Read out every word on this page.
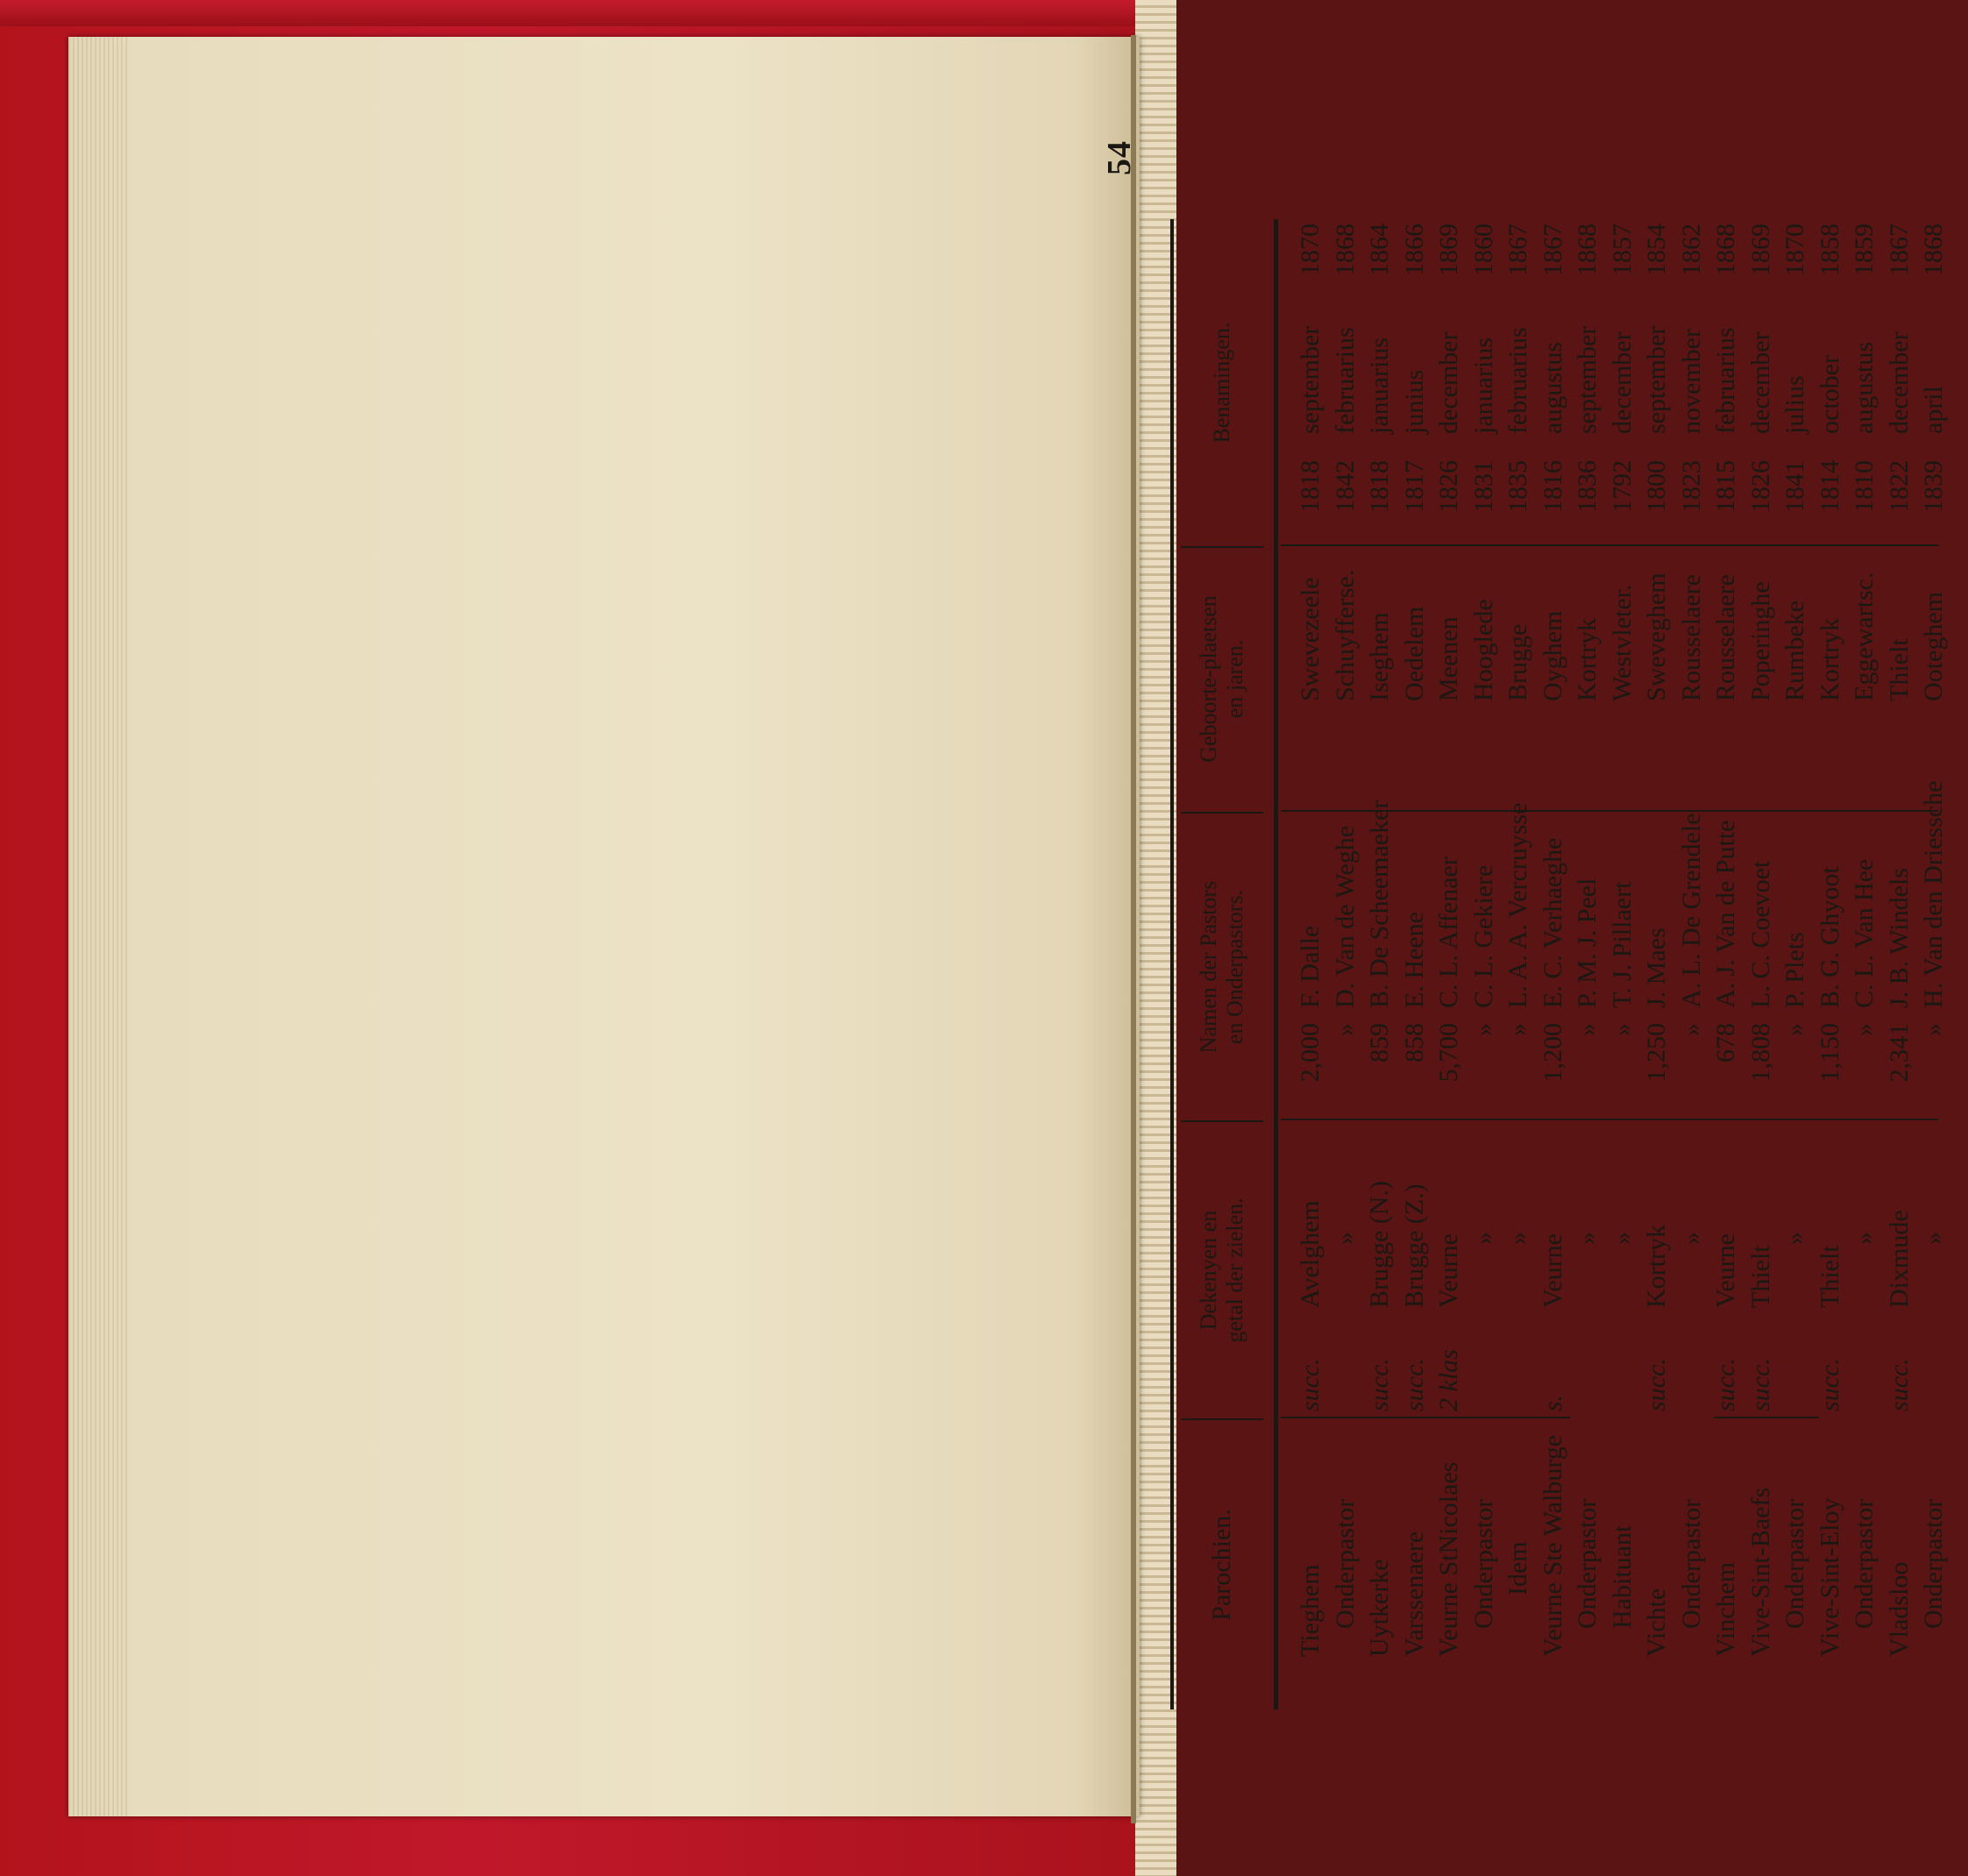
54
Parochien.
Dekenyen en getal der zielen.
Namen der Pastors en Onderpastors.
Geboorte-plaetsen en jaren.
Benamingen.
Tieghem
succ.
Avelghem
2,000
F. Dalle
Swevezeele
1818
september
1870
Onderpastor
»
»
D. Van de Weghe
Schuyfferse.
1842
februarius
1868
Uytkerke
succ.
Brugge (N.)
859
B. De Scheemaeker
Iseghem
1818
januarius
1864
Varssenaere
succ.
Brugge (Z.)
858
E. Heene
Oedelem
1817
junius
1866
Veurne StNicolaes
2 klas
Veurne
5,700
C. L. Affenaer
Meenen
1826
december
1869
Onderpastor
»
»
C. L. Gekiere
Hooglede
1831
januarius
1860
Idem
»
»
L. A. A. Vercruysse
Brugge
1835
februarius
1867
Veurne Ste Walburge
s.
Veurne
1,200
E. C. Verhaeghe
Oyghem
1816
augustus
1867
Onderpastor
»
»
P. M. J. Peel
Kortryk
1836
september
1868
Habituant
»
»
T. J. Pillaert
Westvleter.
1792
december
1857
Vichte
succ.
Kortryk
1,250
J. Maes
Sweveghem
1800
september
1854
Onderpastor
»
»
A. L. De Grendele
Rousselaere
1823
november
1862
Vinchem
succ.
Veurne
678
A. J. Van de Putte
Rousselaere
1815
februarius
1868
Vive-Sint-Baefs
succ.
Thielt
1,808
L. C. Coevoet
Poperinghe
1826
december
1869
Onderpastor
»
»
P. Plets
Rumbeke
1841
julius
1870
Vive-Sint-Eloy
succ.
Thielt
1,150
B. G. Ghyoot
Kortryk
1814
october
1858
Onderpastor
»
»
C. L. Van Hee
Eggewartsc.
1810
augustus
1859
Vladsloo
succ.
Dixmude
2,341
J. B. Windels
Thielt
1822
december
1867
Onderpastor
»
»
H. Van den Driessche
Ooteghem
1839
april
1868
